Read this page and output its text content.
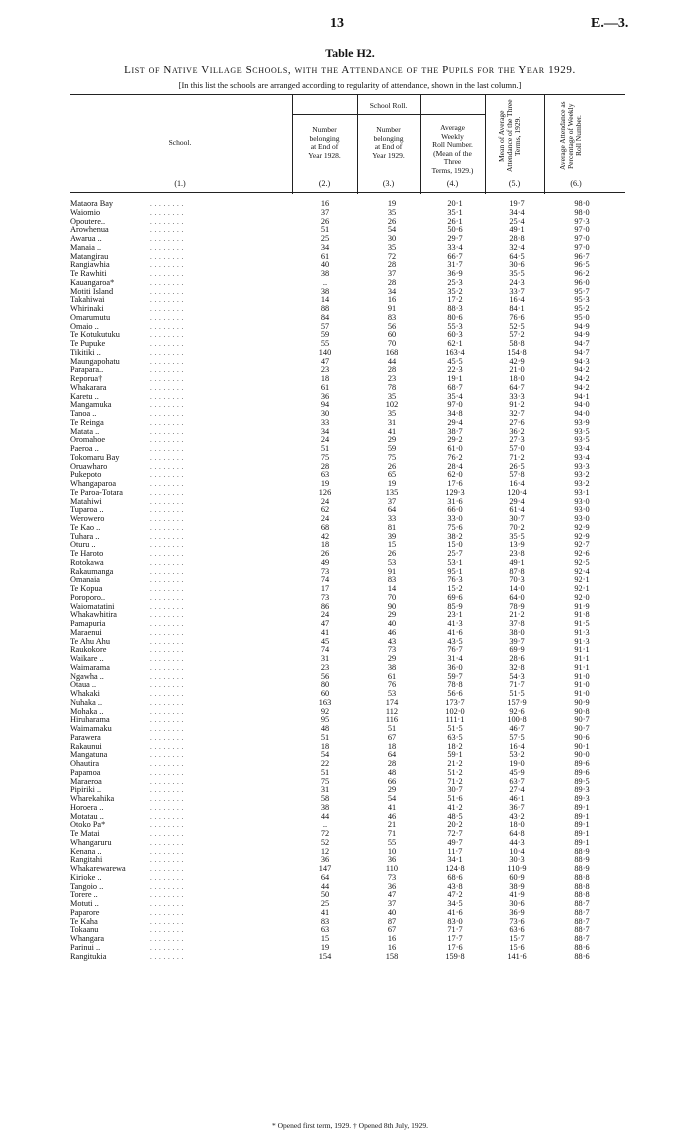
13	E.—3.
Table H2.
List of Native Village Schools, with the Attendance of the Pupils for the Year 1929.
[In this list the schools are arranged according to regularity of attendance, shown in the last column.]
School.
School Roll.
Number
belonging
at End of
Year 1928.
Number
belonging
at End of
Year 1929.
Average
Weekly
Roll Number.
(Mean of the
Three
Terms, 1929.)
Mean of Average Attendance of the Three Terms, 1929.	Average Attendance as Percentage of Weekly Roll Number.
(1.)	(2.)	(3.)	(4.)	(5.)	(6.)
Mataora Bay	16	19	20·1	19·7	98·0
. . . . . . . .
Waiomio	37	35	35·1	34·4	98·0
. . . . . . . .
Opoutere..	26	26	26·1	25·4	97·3
. . . . . . . .
Arowhenua	51	54	50·6	49·1	97·0
. . . . . . . .
Awarua ..	25	30	29·7	28·8	97·0
. . . . . . . .
Manaia ..	34	35	33·4	32·4	97·0
. . . . . . . .
Matangirau	61	72	66·7	64·5	96·7
. . . . . . . .
Rangiawhia	40	28	31·7	30·6	96·5
. . . . . . . .
Te Rawhiti	38	37	36·9	35·5	96·2
. . . . . . . .
Kauangaroa*	..	28	25·3	24·3	96·0
. . . . . . . .
Motiti Island	38	34	35·2	33·7	95·7
. . . . . . . .
Takahiwai	14	16	17·2	16·4	95·3
. . . . . . . .
Whirinaki	88	91	88·3	84·1	95·2
. . . . . . . .
Omarumutu	84	83	80·6	76·6	95·0
. . . . . . . .
Omaio ..	57	56	55·3	52·5	94·9
. . . . . . . .
Te Kotukutuku	59	60	60·3	57·2	94·9
. . . . . . . .
Te Pupuke	55	70	62·1	58·8	94·7
. . . . . . . .
Tikitiki ..	140	168	163·4	154·8	94·7
. . . . . . . .
Maungapohatu	47	44	45·5	42·9	94·3
. . . . . . . .
Parapara..	23	28	22·3	21·0	94·2
. . . . . . . .
Reporua†	18	23	19·1	18·0	94·2
. . . . . . . .
Whakarara	61	78	68·7	64·7	94·2
. . . . . . . .
Karetu ..	36	35	35·4	33·3	94·1
. . . . . . . .
Mangamuka	94	102	97·0	91·2	94·0
. . . . . . . .
Tanoa ..	30	35	34·8	32·7	94·0
. . . . . . . .
Te Reinga	33	31	29·4	27·6	93·9
. . . . . . . .
Matata ..	34	41	38·7	36·2	93·5
. . . . . . . .
Oromahoe	24	29	29·2	27·3	93·5
. . . . . . . .
Paeroa ..	51	59	61·0	57·0	93·4
. . . . . . . .
Tokomaru Bay	75	75	76·2	71·2	93·4
. . . . . . . .
Oruawharo	28	26	28·4	26·5	93·3
. . . . . . . .
Pukepoto	63	65	62·0	57·8	93·2
. . . . . . . .
Whangaparoa	19	19	17·6	16·4	93·2
. . . . . . . .
Te Paroa-Totara	126	135	129·3	120·4	93·1
. . . . . . . .
Matahiwi	24	37	31·6	29·4	93·0
. . . . . . . .
Tuparoa ..	62	64	66·0	61·4	93·0
. . . . . . . .
Werowero	24	33	33·0	30·7	93·0
. . . . . . . .
Te Kao ..	68	81	75·6	70·2	92·9
. . . . . . . .
Tuhara ..	42	39	38·2	35·5	92·9
. . . . . . . .
Oturu ..	18	15	15·0	13·9	92·7
. . . . . . . .
Te Haroto	26	26	25·7	23·8	92·6
. . . . . . . .
Rotokawa	49	53	53·1	49·1	92·5
. . . . . . . .
Rakaumanga	73	91	95·1	87·8	92·4
. . . . . . . .
Omanaia	74	83	76·3	70·3	92·1
. . . . . . . .
Te Kopua	17	14	15·2	14·0	92·1
. . . . . . . .
Poroporo..	73	70	69·6	64·0	92·0
. . . . . . . .
Waiomatatini	86	90	85·9	78·9	91·9
. . . . . . . .
Whakawhitira	24	29	23·1	21·2	91·8
. . . . . . . .
Pamapuria	47	40	41·3	37·8	91·5
. . . . . . . .
Maraenui	41	46	41·6	38·0	91·3
. . . . . . . .
Te Ahu Ahu	45	43	43·5	39·7	91·3
. . . . . . . .
Raukokore	74	73	76·7	69·9	91·1
. . . . . . . .
Waikare ..	31	29	31·4	28·6	91·1
. . . . . . . .
Waimarama	23	38	36·0	32·8	91·1
. . . . . . . .
Ngawha ..	56	61	59·7	54·3	91·0
. . . . . . . .
Otaua ..	80	76	78·8	71·7	91·0
. . . . . . . .
Whakaki	60	53	56·6	51·5	91·0
. . . . . . . .
Nuhaka ..	163	174	173·7	157·9	90·9
. . . . . . . .
Mohaka ..	92	112	102·0	92·6	90·8
. . . . . . . .
Hiruharama	95	116	111·1	100·8	90·7
. . . . . . . .
Waimamaku	48	51	51·5	46·7	90·7
. . . . . . . .
Parawera	51	67	63·5	57·5	90·6
. . . . . . . .
Rakaunui	18	18	18·2	16·4	90·1
. . . . . . . .
Mangatuna	54	64	59·1	53·2	90·0
. . . . . . . .
Ohautira	22	28	21·2	19·0	89·6
. . . . . . . .
Papamoa	51	48	51·2	45·9	89·6
. . . . . . . .
Maraeroa	75	66	71·2	63·7	89·5
. . . . . . . .
Pipiriki ..	31	29	30·7	27·4	89·3
. . . . . . . .
Wharekahika	58	54	51·6	46·1	89·3
. . . . . . . .
Horoera ..	38	41	41·2	36·7	89·1
. . . . . . . .
Motatau ..	44	46	48·5	43·2	89·1
. . . . . . . .
Otoko Pa*	..	21	20·2	18·0	89·1
. . . . . . . .
Te Matai	72	71	72·7	64·8	89·1
. . . . . . . .
Whangaruru	52	55	49·7	44·3	89·1
. . . . . . . .
Kenana ..	12	10	11·7	10·4	88·9
. . . . . . . .
Rangitahi	36	36	34·1	30·3	88·9
. . . . . . . .
Whakarewarewa	147	110	124·8	110·9	88·9
. . . . . . . .
Kirioke ..	64	73	68·6	60·9	88·8
. . . . . . . .
Tangoio ..	44	36	43·8	38·9	88·8
. . . . . . . .
Torere ..	50	47	47·2	41·9	88·8
. . . . . . . .
Motuti ..	25	37	34·5	30·6	88·7
. . . . . . . .
Paparore	41	40	41·6	36·9	88·7
. . . . . . . .
Te Kaha	83	87	83·0	73·6	88·7
. . . . . . . .
Tokaanu	63	67	71·7	63·6	88·7
. . . . . . . .
Whangara	15	16	17·7	15·7	88·7
. . . . . . . .
Parinui ..	19	16	17·6	15·6	88·6
. . . . . . . .
Rangitukia	154	158	159·8	141·6	88·6
. . . . . . . .
* Opened first term, 1929. † Opened 8th July, 1929.
